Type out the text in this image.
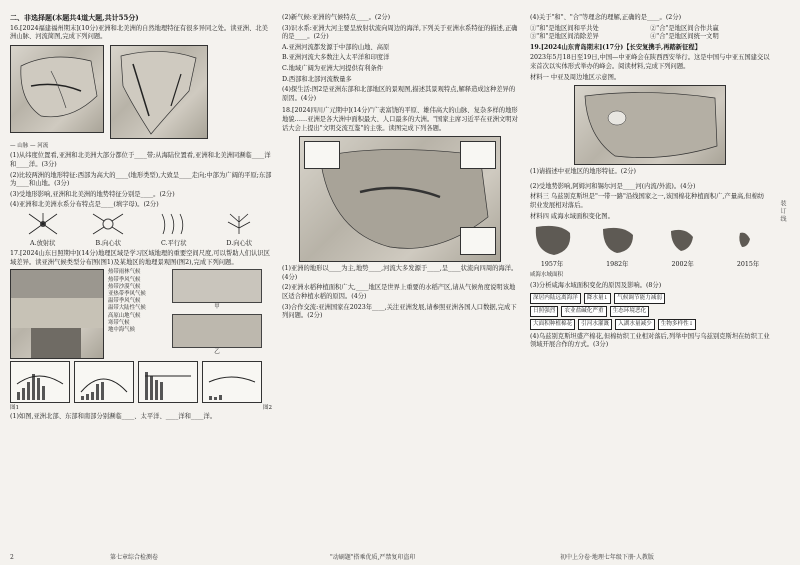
二、非选择题(本题共4道大题,共计55分)

16.[2024福建福州期末](10分)亚洲和北美洲的自然地理特征有很多异同之处。读亚洲、北美洲山脉、河流简图,完成下列问题。

— 山脉 — 河流

(1)从纬度位置看,亚洲和北美洲大部分都位于____带;从海陆位置看,亚洲和北美洲同濒临____洋和____洋。(3分)

(2)比较两洲的地形特征:西部为高大的____(地形类型),大致呈____走向;中部为广阔的平原;东部为____和山地。(3分)

(3)受地形影响,亚洲和北美洲的地势特征分别是____。(2分)

(4)亚洲和北美洲水系分布特点是____(填字母)。(2分)

A.放射状	B.向心状	C.平行状	D.向心状

17.[2024山东日照期中](14分)地理区域是学习区域地理的重要空间尺度,可以帮助人们认识区域差异。读亚洲气候类型分布图(图1)及某地区的地理景观图(图2),完成下列问题。

热带雨林气候
热带季风气候
热带沙漠气候
亚热带季风气候
温带季风气候
温带大陆性气候
高原山地气候
寒带气候
地中海气候
甲
乙
图1	图2

(1)如图,亚洲北部、东部和南部分别濒临____、太平洋、____洋和____洋。

(2)新气候:亚洲的气候特点____。(2分)

(3)识水系:亚洲大河主要呈放射状流向周边的海洋,下列关于亚洲水系特征的描述,正确的是____。(2分)

A.亚洲河流都发源于中部的山地、高原

B.亚洲河流大多数注入太平洋和印度洋

C.地域广阔为亚洲大河提供有利条件

D.西部和北部河流数量多

(4)探生活:图2是亚洲东部和北部地区的景观图,描述其景观特点,解释造成这种差异的原因。(4分)

18.[2024四川广元期中](14分)"广袤富饶的平原、雄伟高大的山脉、复杂多样的地形地貌……亚洲是各大洲中面积最大、人口最多的大洲。"国家主席习近平在亚洲文明对话大会上提出"文明交流互鉴"的主张。读图完成下列各题。

(1)亚洲的地形以____为主,地势____,河流大多发源于____,呈____状流向四周的海洋。(4分)

(2)亚洲水稻种植面积广大,____地区是世界上重要的水稻产区,请从气候角度说明该地区适合种植水稻的原因。(4分)

(3)合作交流:亚洲国家在2023年____,关注亚洲发展,请参照亚洲各国人口数据,完成下列问题。(2分)

(4)关于"和"、"合"等理念的理解,正确的是____。(2分)

①"和"是地区间和平共处	②"合"是地区间合作共赢
③"和"是地区间消除差异	④"合"是地区间统一文明

19.[2024山东青岛期末](17分)【长安复携手,再踏新征程】

2023年5月18日至19日,中国—中亚峰会在陕西西安举行。这是中国与中亚五国建交以来首次以实体形式举办的峰会。阅读材料,完成下列问题。

材料一 中亚及周边地区示意图。

(1)请描述中亚地区的地形特征。(2分)

(2)受地势影响,阿姆河和锡尔河是____河(内流/外流)。(4分)

材料三 乌兹别克斯坦是"一带一路"沿线国家之一,该国棉花种植面积广,产量高,但棉纺织业发展相对落后。

材料四 咸海水域面积变化图。

1957年	1982年	2002年	2015年

咸海水域面积

(3)分析咸海水域面积变化的原因及影响。(8分)

深居内陆远离海洋	降水量↓	气候调节能力减弱
日照强烈	农业盐碱化严重	生态环境恶化
大面积种植棉花	引河水灌溉	入湖水量减少	生物多样性↓

(4)乌兹别克斯坦盛产棉花,但棉纺织工业相对落后,列举中国与乌兹别克斯坦在纺织工业领域开展合作的方式。(3分)

装 订 线
2	第七章综合检测卷	"动刷题"搭乘优质,严禁复印盗印	初中上分卷·地理七年级下册·人教版
